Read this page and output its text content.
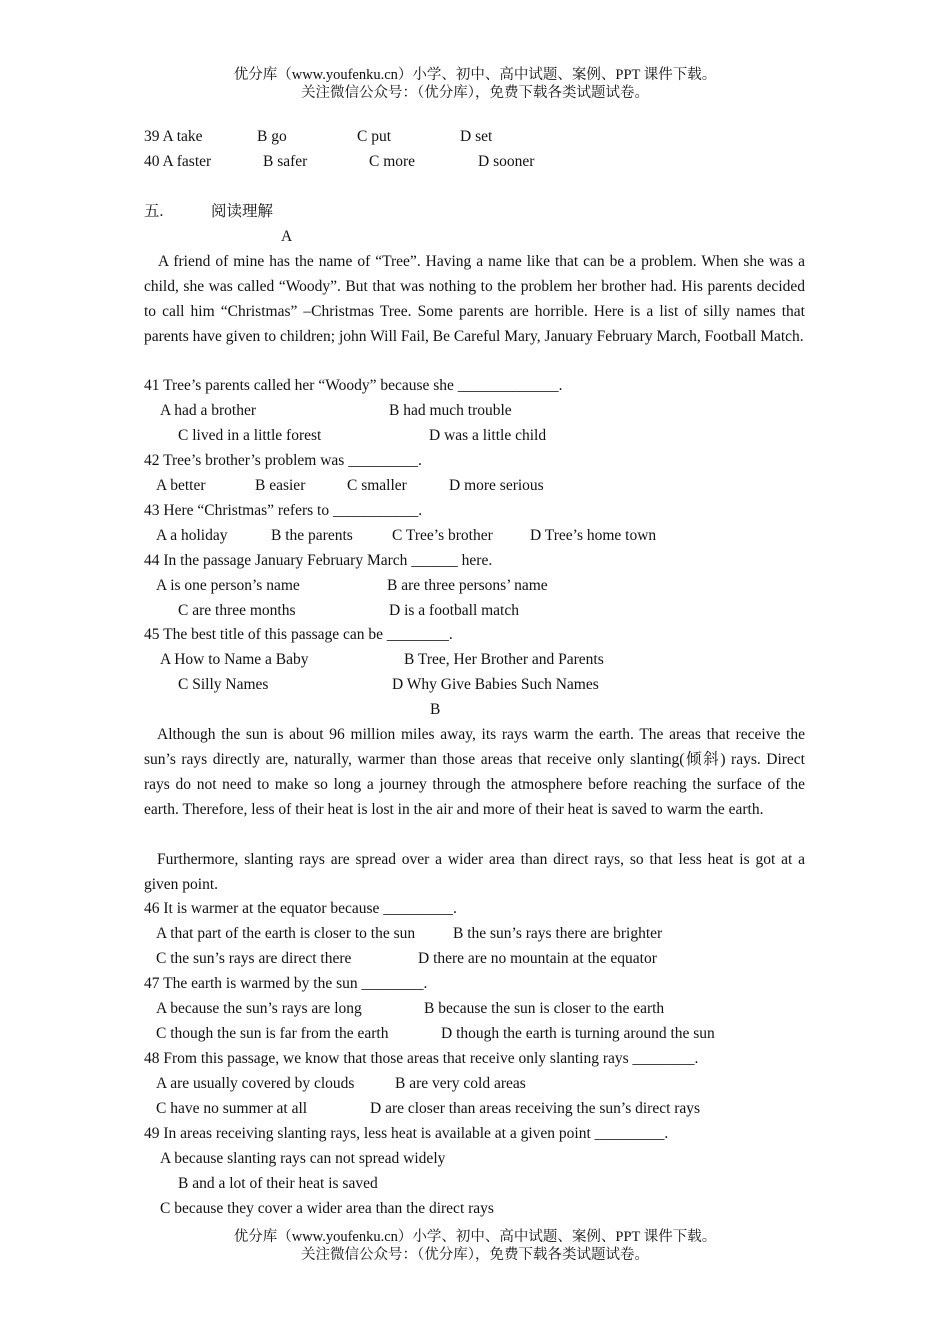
优分库（www.youfenku.cn）小学、初中、高中试题、案例、PPT 课件下载。
关注微信公众号：（优分库），免费下载各类试题试卷。
39 A take	B go	C put	D set
40 A faster	B safer	C more	D sooner
五.	阅读理解
A
A friend of mine has the name of “Tree”. Having a name like that can be a problem. When she was a child, she was called “Woody”. But that was nothing to the problem her brother had. His parents decided to call him “Christmas” –Christmas Tree. Some parents are horrible. Here is a list of silly names that parents have given to children; john Will Fail, Be Careful Mary, January February March, Football Match.
41 Tree’s parents called her “Woody” because she _____________.
A had a brother	B had much trouble
C lived in a little forest	D was a little child
42 Tree’s brother’s problem was _________.
A better	B easier	C smaller	D more serious
43 Here “Christmas” refers to ___________.
A a holiday	B the parents	C Tree’s brother D Tree’s home town
44 In the passage January February March ______ here.
A is one person’s name	B are three persons’ name
C are three months	D is a football match
45 The best title of this passage can be ________.
A How to Name a Baby	B Tree, Her Brother and Parents
C Silly Names	D Why Give Babies Such Names
B
Although the sun is about 96 million miles away, its rays warm the earth. The areas that receive the sun’s rays directly are, naturally, warmer than those areas that receive only slanting(倾斜) rays. Direct rays do not need to make so long a journey through the atmosphere before reaching the surface of the earth. Therefore, less of their heat is lost in the air and more of their heat is saved to warm the earth.
Furthermore, slanting rays are spread over a wider area than direct rays, so that less heat is got at a given point.
46 It is warmer at the equator because _________.
A that part of the earth is closer to the sun B the sun’s rays there are brighter
C the sun’s rays are direct there	D there are no mountain at the equator
47 The earth is warmed by the sun ________.
A because the sun’s rays are long	B because the sun is closer to the earth
C though the sun is far from the earth	D though the earth is turning around the sun
48 From this passage, we know that those areas that receive only slanting rays ________.
A are usually covered by clouds	B are very cold areas
C have no summer at all	D are closer than areas receiving the sun’s direct rays
49 In areas receiving slanting rays, less heat is available at a given point _________.
A because slanting rays can not spread widely
B and a lot of their heat is saved
C because they cover a wider area than the direct rays
优分库（www.youfenku.cn）小学、初中、高中试题、案例、PPT 课件下载。
关注微信公众号：（优分库），免费下载各类试题试卷。
